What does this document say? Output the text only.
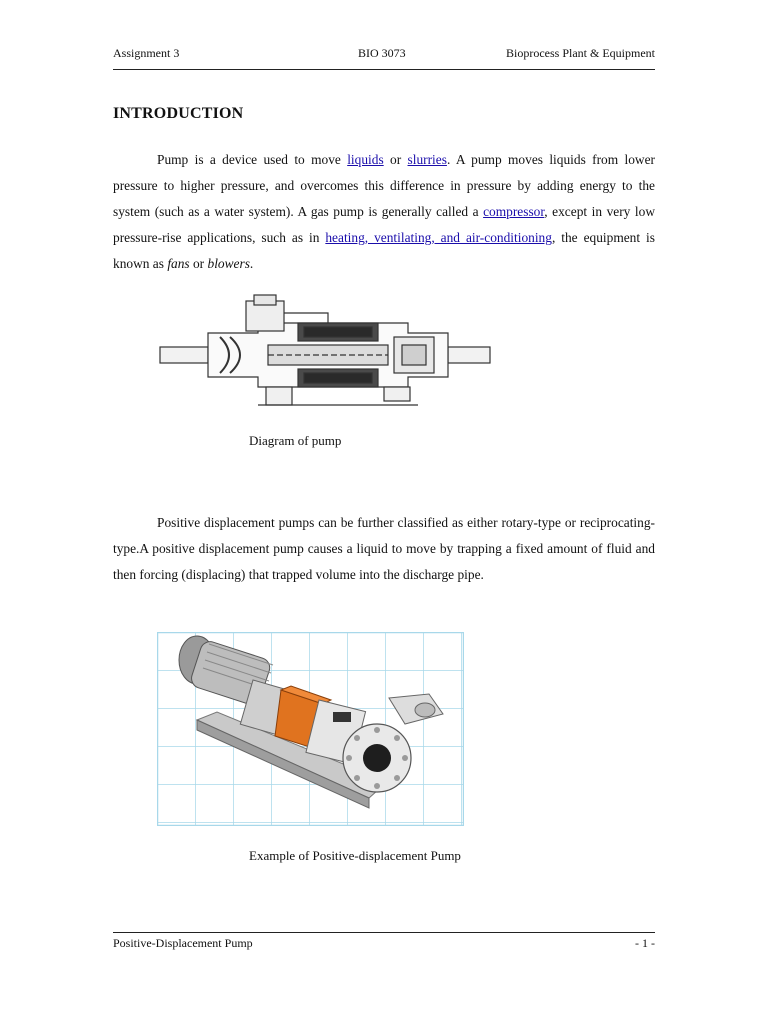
Assignment 3	BIO 3073	Bioprocess Plant & Equipment
INTRODUCTION

Pump is a device used to move liquids or slurries. A pump moves liquids from lower pressure to higher pressure, and overcomes this difference in pressure by adding energy to the system (such as a water system). A gas pump is generally called a compressor, except in very low pressure-rise applications, such as in heating, ventilating, and air-conditioning, the equipment is known as fans or blowers.

Diagram of pump

Positive displacement pumps can be further classified as either rotary-type or reciprocating-type.A positive displacement pump causes a liquid to move by trapping a fixed amount of fluid and then forcing (displacing) that trapped volume into the discharge pipe.

Example of Positive-displacement Pump
Positive-Displacement Pump	- 1 -
